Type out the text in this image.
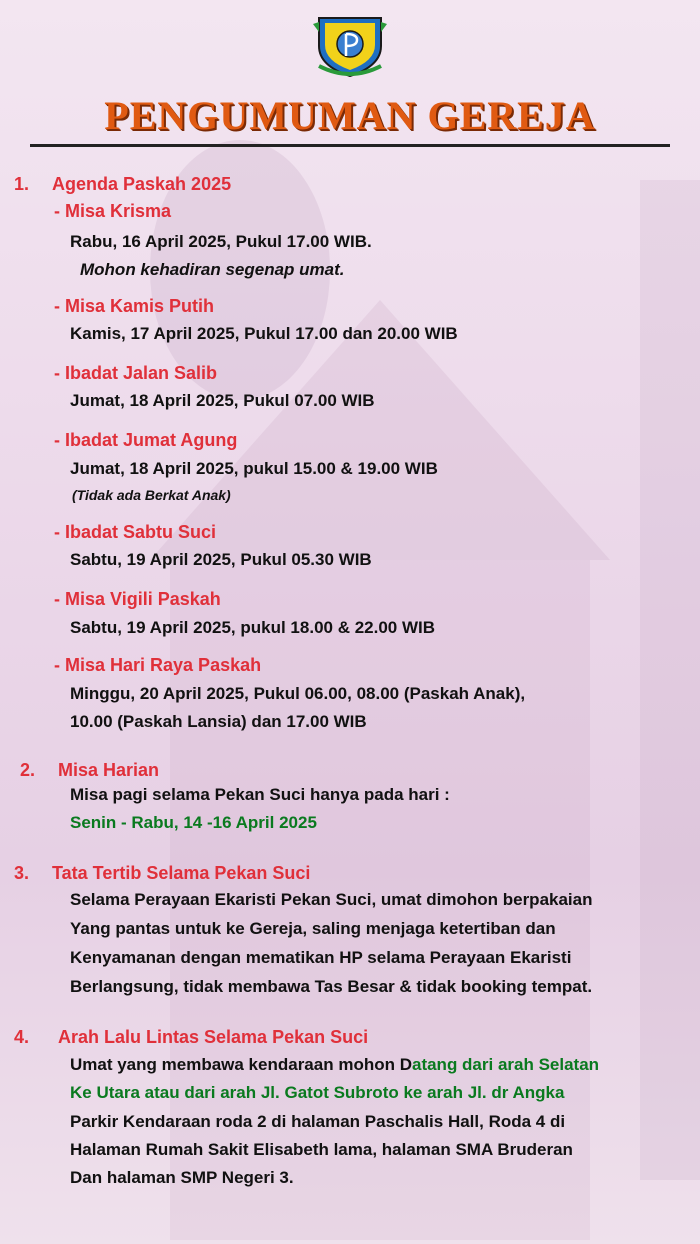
PENGUMUMAN GEREJA
1. Agenda Paskah 2025
- Misa Krisma
Rabu, 16 April 2025, Pukul 17.00 WIB.
Mohon kehadiran segenap umat.
- Misa Kamis Putih
Kamis, 17 April 2025, Pukul 17.00 dan 20.00 WIB
- Ibadat Jalan Salib
Jumat, 18 April 2025, Pukul 07.00 WIB
- Ibadat Jumat Agung
Jumat, 18 April 2025, pukul 15.00 & 19.00 WIB
(Tidak ada Berkat Anak)
- Ibadat Sabtu Suci
Sabtu, 19 April 2025, Pukul 05.30 WIB
- Misa Vigili Paskah
Sabtu, 19 April 2025, pukul 18.00 & 22.00 WIB
- Misa Hari Raya Paskah
Minggu, 20 April 2025, Pukul 06.00, 08.00 (Paskah Anak),
10.00 (Paskah Lansia) dan 17.00 WIB
2. Misa Harian
Misa pagi selama Pekan Suci hanya pada hari :
Senin - Rabu, 14 -16 April 2025
3. Tata Tertib Selama Pekan Suci
Selama Perayaan Ekaristi Pekan Suci, umat dimohon berpakaian
Yang pantas untuk ke Gereja, saling menjaga ketertiban dan
Kenyamanan dengan mematikan HP selama Perayaan Ekaristi
Berlangsung, tidak membawa Tas Besar & tidak booking tempat.
4. Arah Lalu Lintas Selama Pekan Suci
Umat yang membawa kendaraan mohon Datang dari arah Selatan
Ke Utara atau dari arah Jl. Gatot Subroto ke arah Jl. dr Angka
Parkir Kendaraan roda 2 di halaman Paschalis Hall, Roda 4 di
Halaman Rumah Sakit Elisabeth lama, halaman SMA Bruderan
Dan halaman SMP Negeri 3.
